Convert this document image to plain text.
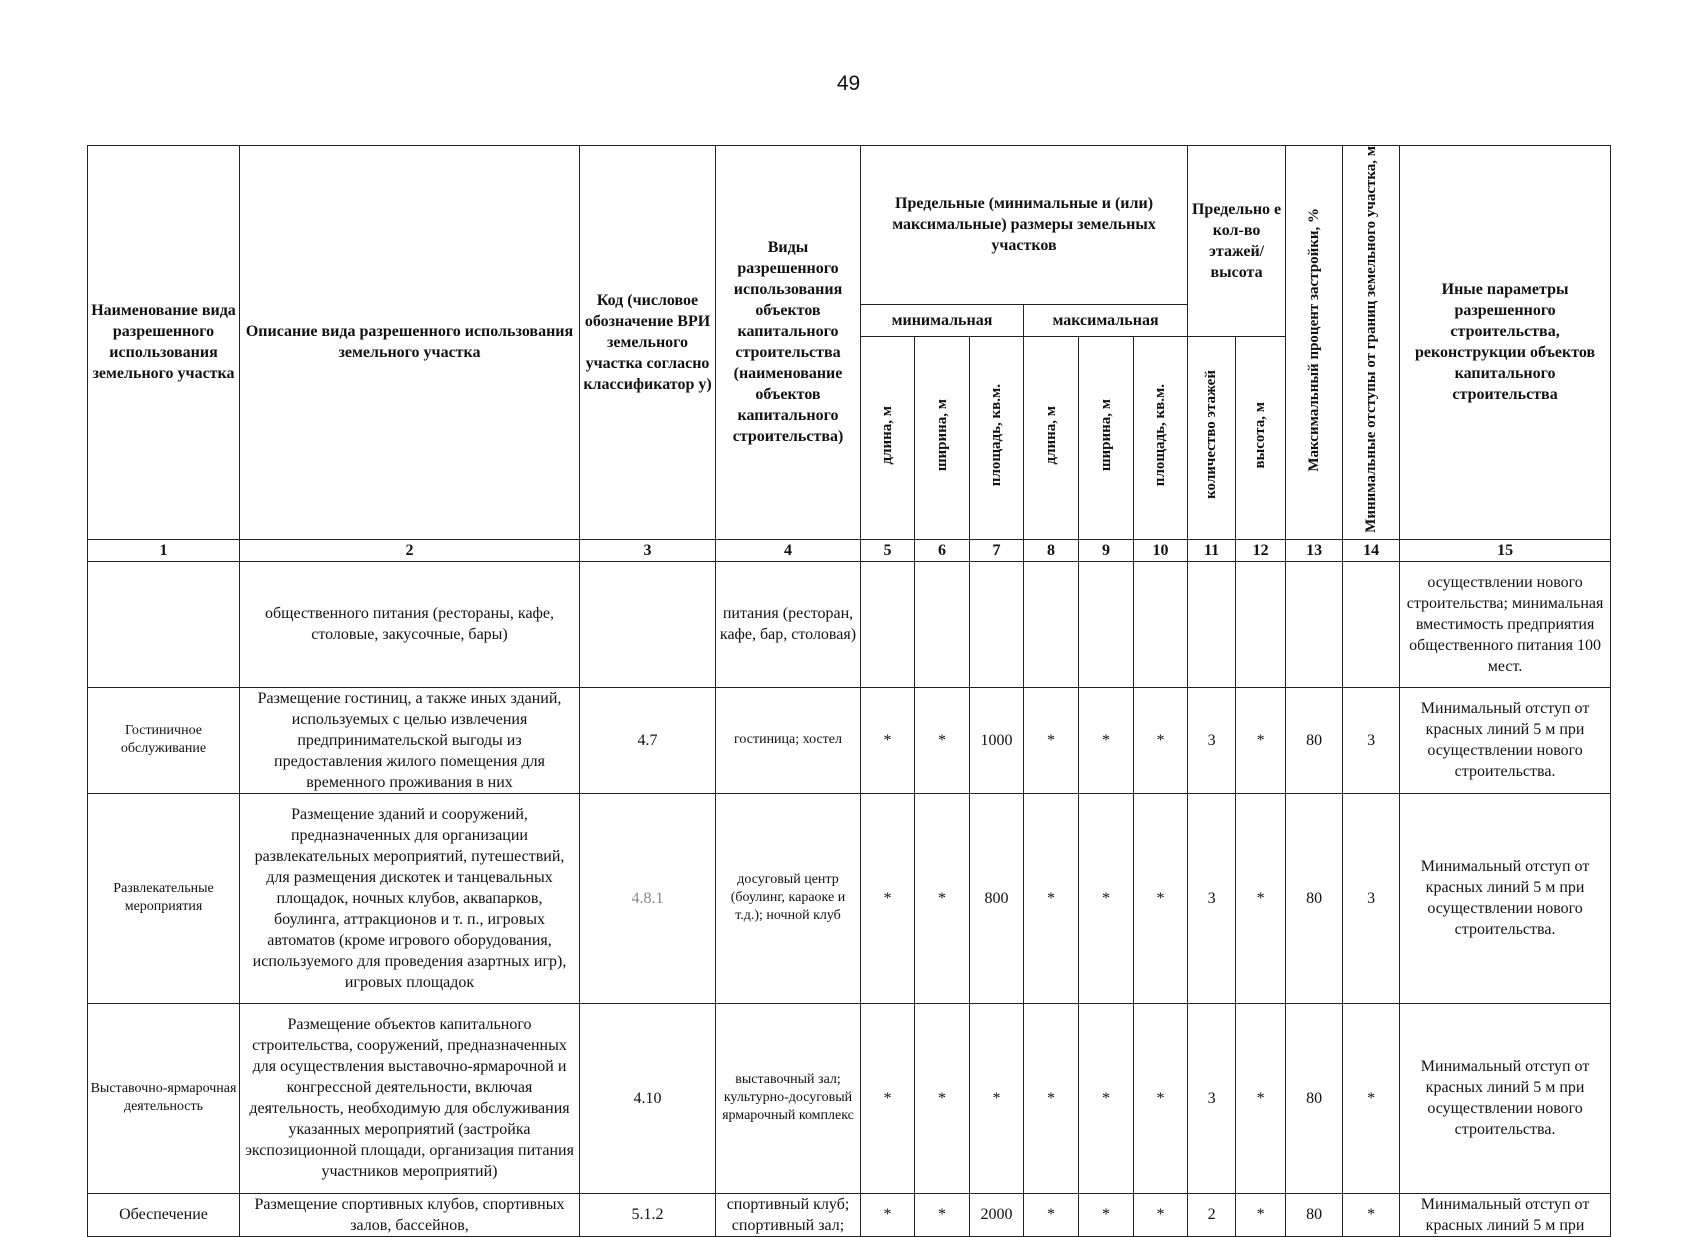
49
Наименование вида разрешенного использования земельного участка	Описание вида разрешенного использования земельного участка	Код (числовое обозначение ВРИ земельного участка согласно классификатор у)	Виды разрешенного использования объектов капитального строительства (наименование объектов капитального строительства)	Предельные (минимальные и (или) максимальные) размеры земельных участков						Предельно е кол-во этажей/ высота		Максимальный процент застройки, %	Минимальные отступы от границ земельного участка, м	Иные параметры разрешенного строительства, реконструкции объектов капитального строительства
				минимальная			максимальная							
				длина, м	ширина, м	площадь, кв.м.	длина, м	ширина, м	площадь, кв.м.	количество этажей	высота, м			
1	2	3	4	5	6	7	8	9	10	11	12	13	14	15
	общественного питания (рестораны, кафе, столовые, закусочные, бары)		питания (ресторан, кафе, бар, столовая)											осуществлении нового строительства; минимальная вместимость предприятия общественного питания 100 мест.
Гостиничное обслуживание	Размещение гостиниц, а также иных зданий, используемых с целью извлечения предпринимательской выгоды из предоставления жилого помещения для временного проживания в них	4.7	гостиница; хостел	*	*	1000	*	*	*	3	*	80	3	Минимальный отступ от красных линий 5 м при осуществлении нового строительства.
Развлекательные мероприятия	Размещение зданий и сооружений, предназначенных для организации развлекательных мероприятий, путешествий, для размещения дискотек и танцевальных площадок, ночных клубов, аквапарков, боулинга, аттракционов и т. п., игровых автоматов (кроме игрового оборудования, используемого для проведения азартных игр), игровых площадок	4.8.1	досуговый центр (боулинг, караоке и т.д.); ночной клуб	*	*	800	*	*	*	3	*	80	3	Минимальный отступ от красных линий 5 м при осуществлении нового строительства.
Выставочно-ярмарочная деятельность	Размещение объектов капитального строительства, сооружений, предназначенных для осуществления выставочно-ярмарочной и конгрессной деятельности, включая деятельность, необходимую для обслуживания указанных мероприятий (застройка экспозиционной площади, организация питания участников мероприятий)	4.10	выставочный зал; культурно-досуговый ярмарочный комплекс	*	*	*	*	*	*	3	*	80	*	Минимальный отступ от красных линий 5 м при осуществлении нового строительства.
Обеспечение	Размещение спортивных клубов, спортивных залов, бассейнов,	5.1.2	спортивный клуб; спортивный зал;	*	*	2000	*	*	*	2	*	80	*	Минимальный отступ от красных линий 5 м при
